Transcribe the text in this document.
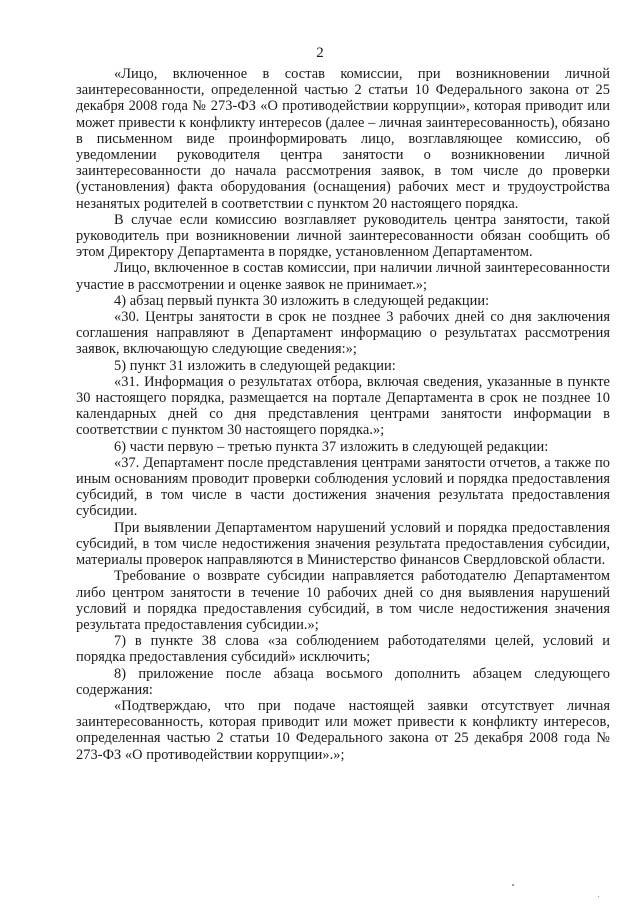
2

«Лицо, включенное в состав комиссии, при возникновении личной заинтересованности, определенной частью 2 статьи 10 Федерального закона от 25 декабря 2008 года № 273-ФЗ «О противодействии коррупции», которая приводит или может привести к конфликту интересов (далее – личная заинтересованность), обязано в письменном виде проинформировать лицо, возглавляющее комиссию, об уведомлении руководителя центра занятости о возникновении личной заинтересованности до начала рассмотрения заявок, в том числе до проверки (установления) факта оборудования (оснащения) рабочих мест и трудоустройства незанятых родителей в соответствии с пунктом 20 настоящего порядка.

В случае если комиссию возглавляет руководитель центра занятости, такой руководитель при возникновении личной заинтересованности обязан сообщить об этом Директору Департамента в порядке, установленном Департаментом.

Лицо, включенное в состав комиссии, при наличии личной заинтересованности участие в рассмотрении и оценке заявок не принимает.»;

4) абзац первый пункта 30 изложить в следующей редакции:

«30. Центры занятости в срок не позднее 3 рабочих дней со дня заключения соглашения направляют в Департамент информацию о результатах рассмотрения заявок, включающую следующие сведения:»;

5) пункт 31 изложить в следующей редакции:

«31. Информация о результатах отбора, включая сведения, указанные в пункте 30 настоящего порядка, размещается на портале Департамента в срок не позднее 10 календарных дней со дня представления центрами занятости информации в соответствии с пунктом 30 настоящего порядка.»;

6) части первую – третью пункта 37 изложить в следующей редакции:

«37. Департамент после представления центрами занятости отчетов, а также по иным основаниям проводит проверки соблюдения условий и порядка предоставления субсидий, в том числе в части достижения значения результата предоставления субсидии.

При выявлении Департаментом нарушений условий и порядка предоставления субсидий, в том числе недостижения значения результата предоставления субсидии, материалы проверок направляются в Министерство финансов Свердловской области.

Требование о возврате субсидии направляется работодателю Департаментом либо центром занятости в течение 10 рабочих дней со дня выявления нарушений условий и порядка предоставления субсидий, в том числе недостижения значения результата предоставления субсидии.»;

7) в пункте 38 слова «за соблюдением работодателями целей, условий и порядка предоставления субсидий» исключить;

8) приложение после абзаца восьмого дополнить абзацем следующего содержания:

«Подтверждаю, что при подаче настоящей заявки отсутствует личная заинтересованность, которая приводит или может привести к конфликту интересов, определенная частью 2 статьи 10 Федерального закона от 25 декабря 2008 года № 273-ФЗ «О противодействии коррупции».»;
